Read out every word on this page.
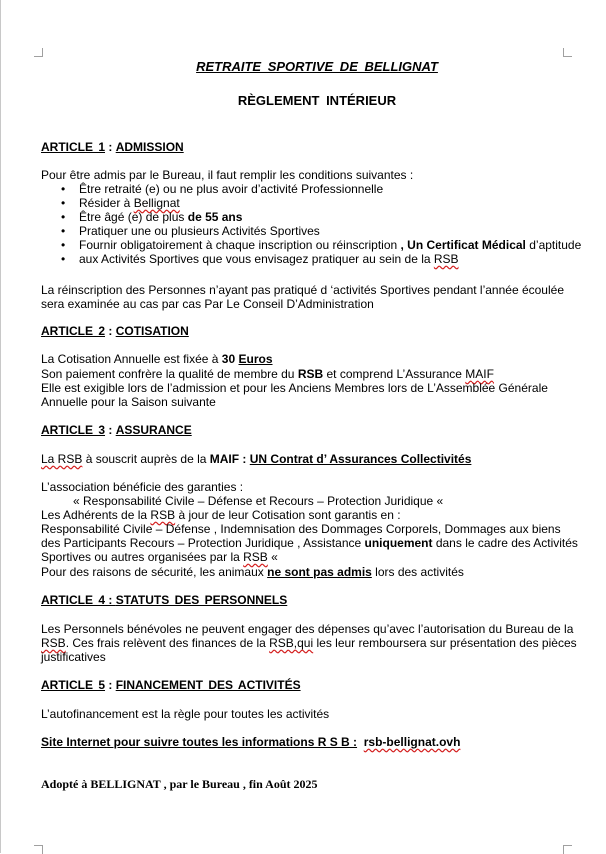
RETRAITE SPORTIVE DE BELLIGNAT
RÈGLEMENT INTÉRIEUR
ARTICLE 1 : ADMISSION
Pour être admis par le Bureau, il faut remplir les conditions suivantes :
• Être retraité (e) ou ne plus avoir d’activité Professionnelle
• Résider à Bellignat
• Être âgé (e) de plus de 55 ans
• Pratiquer une ou plusieurs Activités Sportives
• Fournir obligatoirement à chaque inscription ou réinscription , Un Certificat Médical d’aptitude
• aux Activités Sportives que vous envisagez pratiquer au sein de la RSB
La réinscription des Personnes n’ayant pas pratiqué d ‘activités Sportives pendant l’année écoulée
sera examinée au cas par cas Par Le Conseil D’Administration
ARTICLE 2 : COTISATION
La Cotisation Annuelle est fixée à 30 Euros
Son paiement confrère la qualité de membre du RSB et comprend L’Assurance MAIF
Elle est exigible lors de l’admission et pour les Anciens Membres lors de L’Assemblée Générale
Annuelle pour la Saison suivante
ARTICLE 3 : ASSURANCE
La RSB à souscrit auprès de la MAIF : UN Contrat d’ Assurances Collectivités
L’association bénéficie des garanties :
« Responsabilité Civile – Défense et Recours – Protection Juridique «
Les Adhérents de la RSB à jour de leur Cotisation sont garantis en :
Responsabilité Civile – Défense , Indemnisation des Dommages Corporels, Dommages aux biens
des Participants Recours – Protection Juridique , Assistance uniquement dans le cadre des Activités
Sportives ou autres organisées par la RSB «
Pour des raisons de sécurité, les animaux ne sont pas admis lors des activités
ARTICLE 4 : STATUTS DES PERSONNELS
Les Personnels bénévoles ne peuvent engager des dépenses qu’avec l’autorisation du Bureau de la
RSB. Ces frais relèvent des finances de la RSB,qui les leur remboursera sur présentation des pièces
justificatives
ARTICLE 5 : FINANCEMENT DES ACTIVITÉS
L’autofinancement est la règle pour toutes les activités
Site Internet pour suivre toutes les informations R S B : rsb-bellignat.ovh
Adopté à BELLIGNAT , par le Bureau , fin Août 2025
